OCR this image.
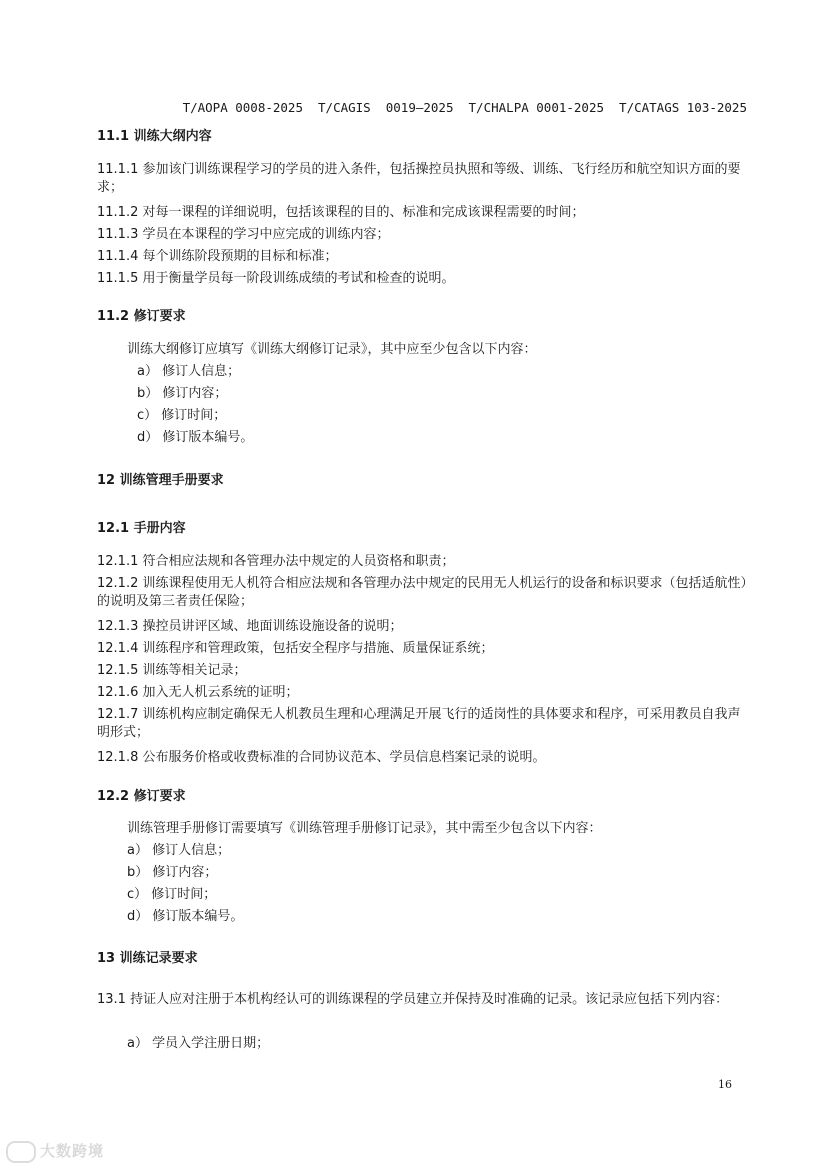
T/AOPA 0008-2025  T/CAGIS  0019—2025  T/CHALPA 0001-2025  T/CATAGS 103-2025
11.1 训练大纲内容
11.1.1 参加该门训练课程学习的学员的进入条件，包括操控员执照和等级、训练、飞行经历和航空知识方面的要求；
11.1.2 对每一课程的详细说明，包括该课程的目的、标准和完成该课程需要的时间；
11.1.3 学员在本课程的学习中应完成的训练内容；
11.1.4 每个训练阶段预期的目标和标准；
11.1.5 用于衡量学员每一阶段训练成绩的考试和检查的说明。
11.2 修订要求
训练大纲修订应填写《训练大纲修订记录》，其中应至少包含以下内容：
a） 修订人信息；
b） 修订内容；
c） 修订时间；
d） 修订版本编号。
12 训练管理手册要求
12.1 手册内容
12.1.1 符合相应法规和各管理办法中规定的人员资格和职责；
12.1.2 训练课程使用无人机符合相应法规和各管理办法中规定的民用无人机运行的设备和标识要求（包括适航性）的说明及第三者责任保险；
12.1.3 操控员讲评区域、地面训练设施设备的说明；
12.1.4 训练程序和管理政策，包括安全程序与措施、质量保证系统；
12.1.5 训练等相关记录；
12.1.6 加入无人机云系统的证明；
12.1.7 训练机构应制定确保无人机教员生理和心理满足开展飞行的适岗性的具体要求和程序，可采用教员自我声明形式；
12.1.8 公布服务价格或收费标准的合同协议范本、学员信息档案记录的说明。
12.2 修订要求
训练管理手册修订需要填写《训练管理手册修订记录》，其中需至少包含以下内容：
a） 修订人信息；
b） 修订内容；
c） 修订时间；
d） 修订版本编号。
13 训练记录要求
13.1 持证人应对注册于本机构经认可的训练课程的学员建立并保持及时准确的记录。该记录应包括下列内容：
a） 学员入学注册日期；
16
大数跨境
